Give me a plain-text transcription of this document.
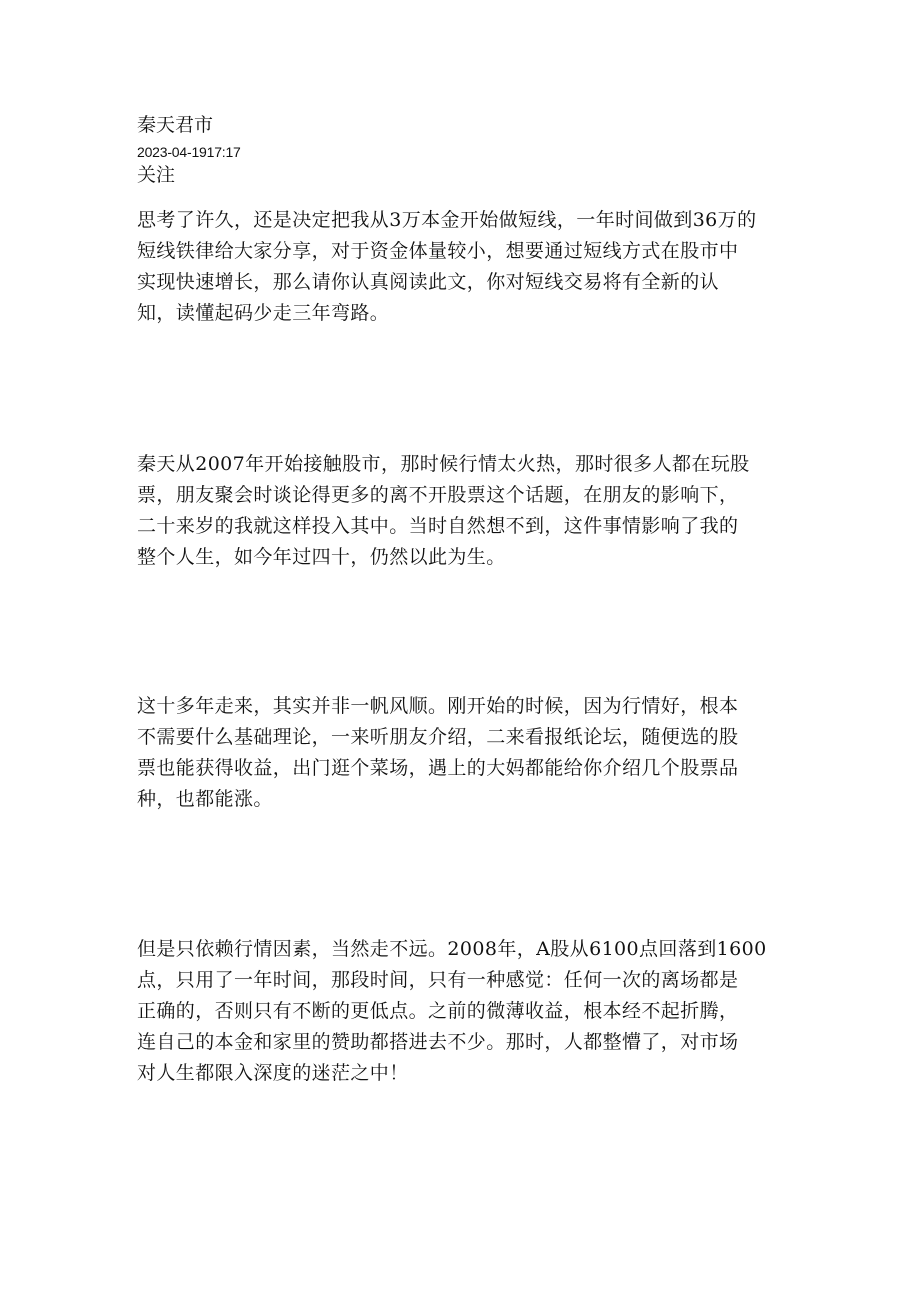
秦天君市
2023-04-1917:17
关注

思考了许久，还是决定把我从3万本金开始做短线，一年时间做到36万的
短线铁律给大家分享，对于资金体量较小，想要通过短线方式在股市中
实现快速增长，那么请你认真阅读此文，你对短线交易将有全新的认
知，读懂起码少走三年弯路。

秦天从2007年开始接触股市，那时候行情太火热，那时很多人都在玩股
票，朋友聚会时谈论得更多的离不开股票这个话题，在朋友的影响下，
二十来岁的我就这样投入其中。当时自然想不到，这件事情影响了我的
整个人生，如今年过四十，仍然以此为生。

这十多年走来，其实并非一帆风顺。刚开始的时候，因为行情好，根本
不需要什么基础理论，一来听朋友介绍，二来看报纸论坛，随便选的股
票也能获得收益，出门逛个菜场，遇上的大妈都能给你介绍几个股票品
种，也都能涨。

但是只依赖行情因素，当然走不远。2008年，A股从6100点回落到1600
点，只用了一年时间，那段时间，只有一种感觉：任何一次的离场都是
正确的，否则只有不断的更低点。之前的微薄收益，根本经不起折腾，
连自己的本金和家里的赞助都搭进去不少。那时，人都整懵了，对市场
对人生都限入深度的迷茫之中！
